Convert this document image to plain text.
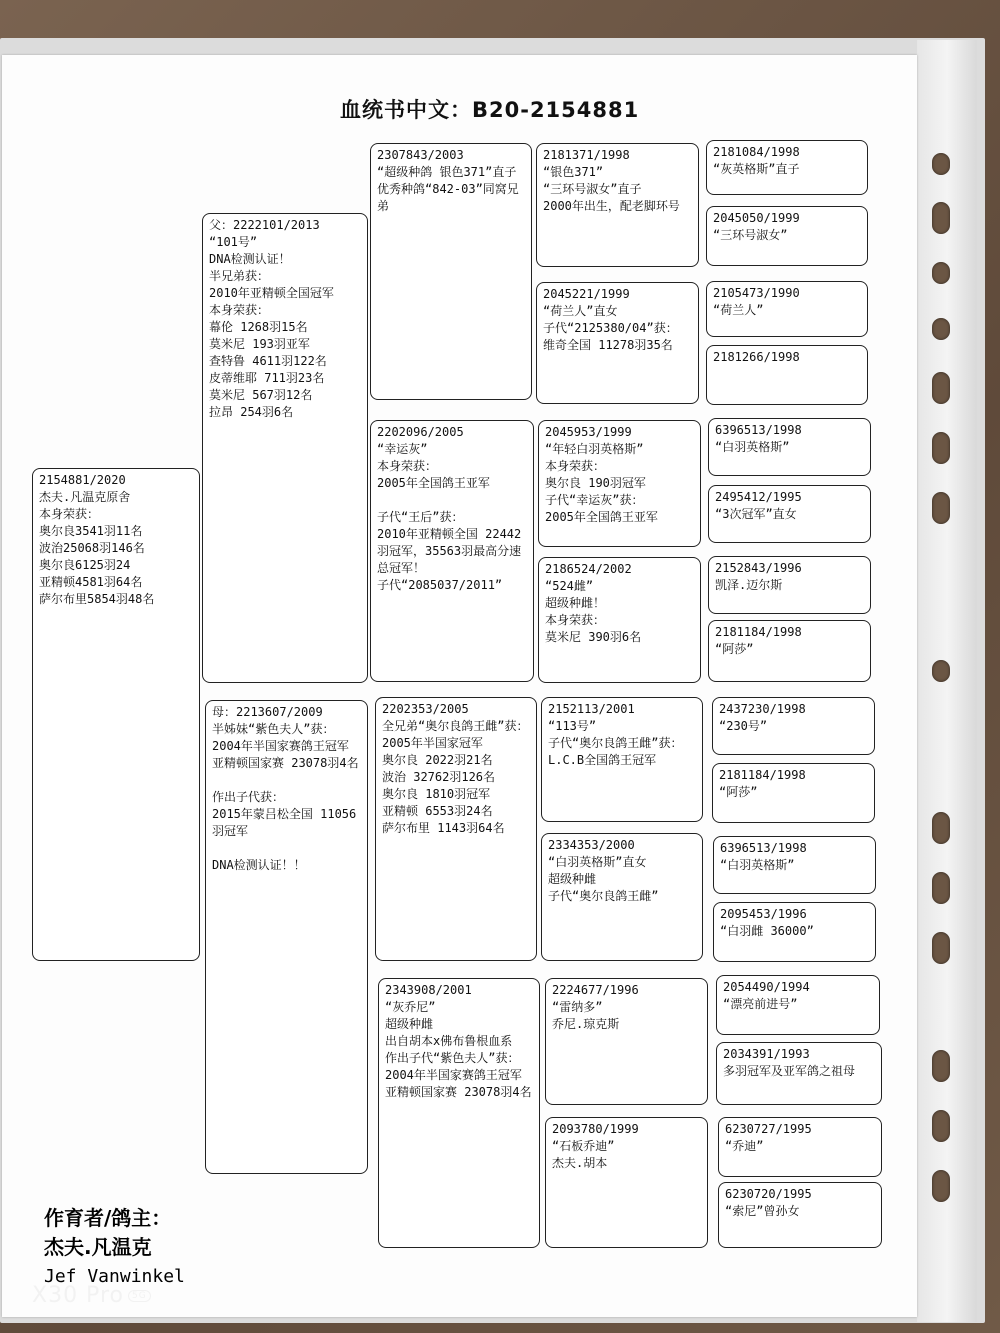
血统书中文：B20-2154881
2154881/2020
杰夫.凡温克原舍
本身荣获：
奥尔良3541羽11名
波治25068羽146名
奥尔良6125羽24
亚精顿4581羽64名
萨尔布里5854羽48名
父：2222101/2013
“101号”
DNA检测认证！
半兄弟获：
2010年亚精顿全国冠军
本身荣获：
幕伦 1268羽15名
莫米尼 193羽亚军
查特鲁 4611羽122名
皮蒂维耶 711羽23名
莫米尼 567羽12名
拉昂 254羽6名
母：2213607/2009
半姊妹“紫色夫人”获：
2004年半国家赛鸽王冠军
亚精顿国家赛 23078羽4名

作出子代获：
2015年蒙吕松全国 11056羽冠军

DNA检测认证！！
2307843/2003
“超级种鸽 银色371”直子
优秀种鸽“842-03”同窝兄弟
2202096/2005
“幸运灰”
本身荣获：
2005年全国鸽王亚军

子代“王后”获：
2010年亚精顿全国 22442羽冠军，35563羽最高分速总冠军！
子代“2085037/2011”
2202353/2005
全兄弟“奥尔良鸽王雌”获：
2005年半国家冠军
奥尔良 2022羽21名
波治 32762羽126名
奥尔良 1810羽冠军
亚精顿 6553羽24名
萨尔布里 1143羽64名
2343908/2001
“灰乔尼”
超级种雌
出自胡本x佛布鲁根血系
作出子代“紫色夫人”获：
2004年半国家赛鸽王冠军
亚精顿国家赛 23078羽4名
2181371/1998
“银色371”
“三环号淑女”直子
2000年出生，配老脚环号
2045221/1999
“荷兰人”直女
子代“2125380/04”获：
维奇全国 11278羽35名
2045953/1999
“年轻白羽英格斯”
本身荣获：
奥尔良 190羽冠军
子代“幸运灰”获：
2005年全国鸽王亚军
2186524/2002
“524雌”
超级种雌！
本身荣获：
莫米尼 390羽6名
2152113/2001
“113号”
子代“奥尔良鸽王雌”获：
L.C.B全国鸽王冠军
2334353/2000
“白羽英格斯”直女
超级种雌
子代“奥尔良鸽王雌”
2224677/1996
“雷纳多”
乔尼.琼克斯
2093780/1999
“石板乔迪”
杰夫.胡本
2181084/1998
“灰英格斯”直子
2045050/1999
“三环号淑女”
2105473/1990
“荷兰人”
2181266/1998
6396513/1998
“白羽英格斯”
2495412/1995
“3次冠军”直女
2152843/1996
凯泽.迈尔斯
2181184/1998
“阿莎”
2437230/1998
“230号”
2181184/1998
“阿莎”
6396513/1998
“白羽英格斯”
2095453/1996
“白羽雌 36000”
2054490/1994
“漂亮前进号”
2034391/1993
多羽冠军及亚军鸽之祖母
6230727/1995
“乔迪”
6230720/1995
“索尼”曾孙女
作育者/鸽主：
杰夫.凡温克
Jef Vanwinkel
X30 Pro 5G
